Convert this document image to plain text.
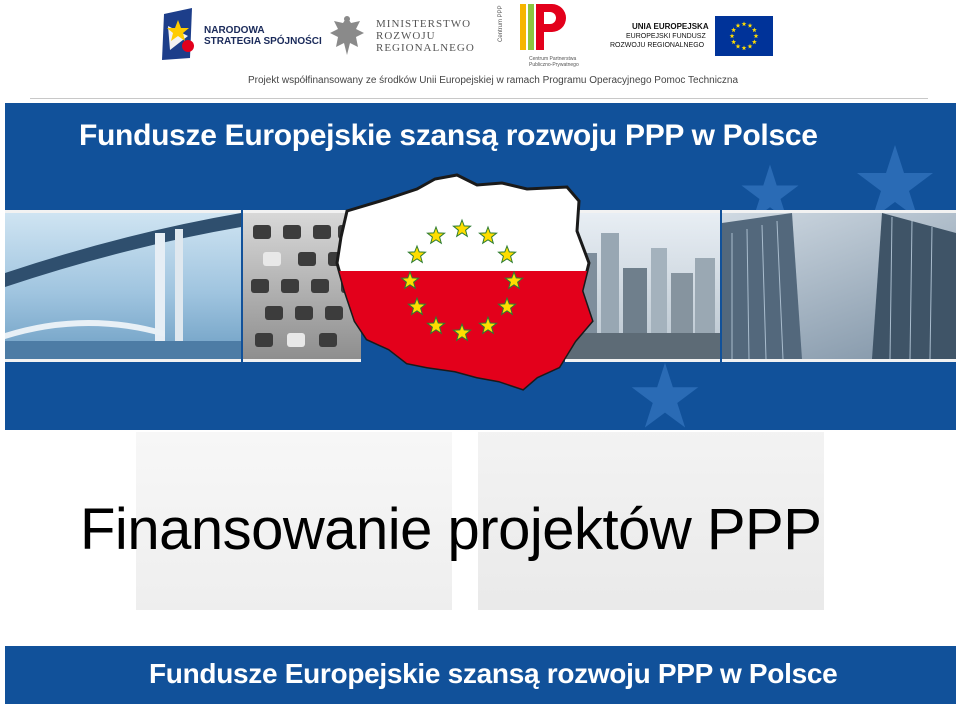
NARODOWA
STRATEGIA SPÓJNOŚCI
MINISTERSTWO
ROZWOJU
REGIONALNEGO
Centrum PPP
Centrum Partnerstwa
Publiczno-Prywatnego
UNIA EUROPEJSKA
EUROPEJSKI FUNDUSZ
ROZWOJU REGIONALNEGO
Projekt współfinansowany ze środków Unii Europejskiej w ramach Programu Operacyjnego Pomoc Techniczna
Fundusze Europejskie szansą rozwoju PPP w Polsce
Finansowanie projektów PPP
Fundusze Europejskie szansą rozwoju PPP w Polsce
